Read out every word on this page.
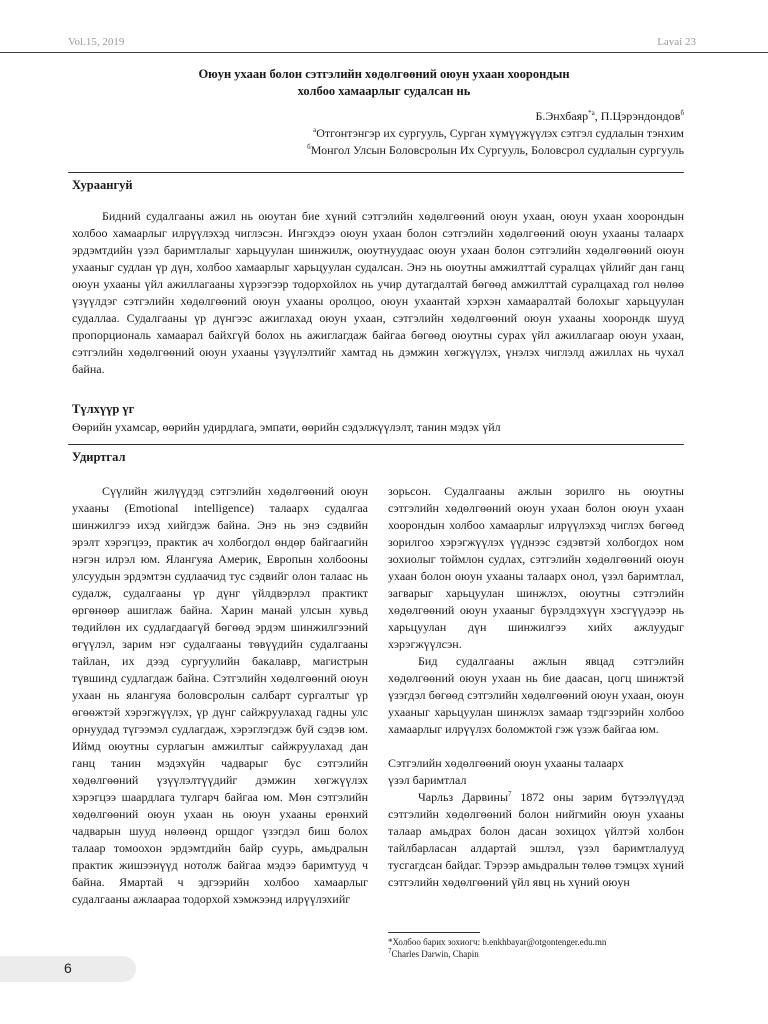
Vol.15, 2019	Lavai 23
Оюун ухаан болон сэтгэлийн хөдөлгөөний оюун ухаан хоорондын
холбоо хамаарлыг судалсан нь
Б.Энхбаяр$^{*а}$, П.Цэрэндондов$^б$
$^а$Отгонтэнгэр их сургууль, Сурган хүмүүжүүлэх сэтгэл судлалын тэнхим
$^б$Монгол Улсын Боловсролын Их Сургууль, Боловсрол судлалын сургууль
Хураангуй
Бидний судалгааны ажил нь оюутан бие хүний сэтгэлийн хөдөлгөөний оюун ухаан, оюун ухаан хоорондын холбоо хамаарлыг илрүүлэхэд чиглэсэн. Ингэхдээ оюун ухаан болон сэтгэлийн хөдөлгөөний оюун ухааны талаарх эрдэмтдийн үзэл баримтлалыг харьцуулан шинжилж, оюутнуудаас оюун ухаан болон сэтгэлийн хөдөлгөөний оюун ухааныг судлан үр дүн, холбоо хамаарлыг харьцуулан судалсан. Энэ нь оюутны амжилттай суралцах үйлийг дан ганц оюун ухааны үйл ажиллагааны хүрээгээр тодорхойлох нь учир дутагдалтай бөгөөд амжилттай суралцахад гол нөлөө үзүүлдэг сэтгэлийн хөдөлгөөний оюун ухааны оролцоо, оюун ухаантай хэрхэн хамааралтай болохыг харьцуулан судаллаа. Судалгааны үр дүнгээс ажиглахад оюун ухаан, сэтгэлийн хөдөлгөөний оюун ухааны хоорондк шууд пропорциональ хамаарал байхгүй болох нь ажиглагдаж байгаа бөгөөд оюутны сурах үйл ажиллагаар оюун ухаан, сэтгэлийн хөдөлгөөний оюун ухааны үзүүлэлтийг хамтад нь дэмжин хөгжүүлэх, үнэлэх чиглэлд ажиллах нь чухал байна.
Түлхүүр үг
Өөрийн ухамсар, өөрийн удирдлага, эмпати, өөрийн сэдэлжүүлэлт, танин мэдэх үйл
Удиртгал

Сүүлийн жилүүдэд сэтгэлийн хөдөлгөөний оюун ухааны (Emotional intelligence) талаарх судалгаа шинжилгээ ихэд хийгдэж байна. Энэ нь энэ сэдвийн эрэлт хэрэгцээ, практик ач холбогдол өндөр байгаагийн нэгэн илрэл юм. Ялангуяа Америк, Европын холбооны улсуудын эрдэмтэн судлаачид тус сэдвийг олон талаас нь судалж, судалгааны үр дүнг үйлдвэрлэл практикт өргөнөөр ашиглаж байна. Харин манай улсын хувьд төдийлөн их судлагдаагүй бөгөөд эрдэм шинжилгээний өгүүлэл, зарим нэг судалгааны төвүүдийн судалгааны тайлан, их дээд сургуулийн бакалавр, магистрын түвшинд судлагдаж байна. Сэтгэлийн хөдөлгөөний оюун ухаан нь ялангуяа боловсролын салбарт сургалтыг үр өгөөжтэй хэрэгжүүлэх, үр дүнг сайжруулахад гадны улс орнуудад түгээмэл судлагдаж, хэрэглэгдэж буй сэдэв юм. Иймд оюутны сурлагын амжилтыг сайжруулахад дан ганц танин мэдэхүйн чадварыг бус сэтгэлийн хөдөлгөөний үзүүлэлтүүдийг дэмжин хөгжүүлэх хэрэгцээ шаардлага тулгарч байгаа юм. Мөн сэтгэлийн хөдөлгөөний оюун ухаан нь оюун ухааны ерөнхий чадварын шууд нөлөөнд оршдог үзэгдэл биш болох талаар томоохон эрдэмтдийн байр суурь, амьдралын практик жишээнүүд нотолж байгаа мэдээ баримтууд ч байна. Ямартай ч эдгээрийн холбоо хамаарлыг судалгааны ажлаараа тодорхой хэмжээнд илрүүлэхийг

зорьсон. Судалгааны ажлын зорилго нь оюутны сэтгэлийн хөдөлгөөний оюун ухаан болон оюун ухаан хоорондын холбоо хамаарлыг илрүүлэхэд чиглэх бөгөөд зорилгоо хэрэгжүүлэх үүднээс сэдэвтэй холбогдох ном зохиолыг тоймлон судлах, сэтгэлийн хөдөлгөөний оюун ухаан болон оюун ухааны талаарх онол, үзэл баримтлал, загварыг харьцуулан шинжлэх, оюутны сэтгэлийн хөдөлгөөний оюун ухааныг бүрэлдэхүүн хэсгүүдээр нь харьцуулан дүн шинжилгээ хийх ажлуудыг хэрэгжүүлсэн.

Бид судалгааны ажлын явцад сэтгэлийн хөдөлгөөний оюун ухаан нь бие даасан, цогц шинжтэй үзэгдэл бөгөөд сэтгэлийн хөдөлгөөний оюун ухаан, оюун ухааныг харьцуулан шинжлэх замаар тэдгээрийн холбоо хамаарлыг илрүүлэх боломжтой гэж үзэж байгаа юм.

Сэтгэлийн хөдөлгөөний оюун ухааны талаарх
үзэл баримтлал

Чарльз Дарвины$^7$ 1872 оны зарим бүтээлүүдэд сэтгэлийн хөдөлгөөний болон нийгмийн оюун ухааны талаар амьдрах болон дасан зохицох үйлтэй холбон тайлбарласан алдартай эшлэл, үзэл баримтлалууд тусгагдсан байдаг. Тэрээр амьдралын төлөө тэмцэх хүний сэтгэлийн хөдөлгөөний үйл явц нь хүний оюун

*Холбоо барих зохиогч: b.enkhbayar@otgontenger.edu.mn
$^7$Charles Darwin, Chapin
6
